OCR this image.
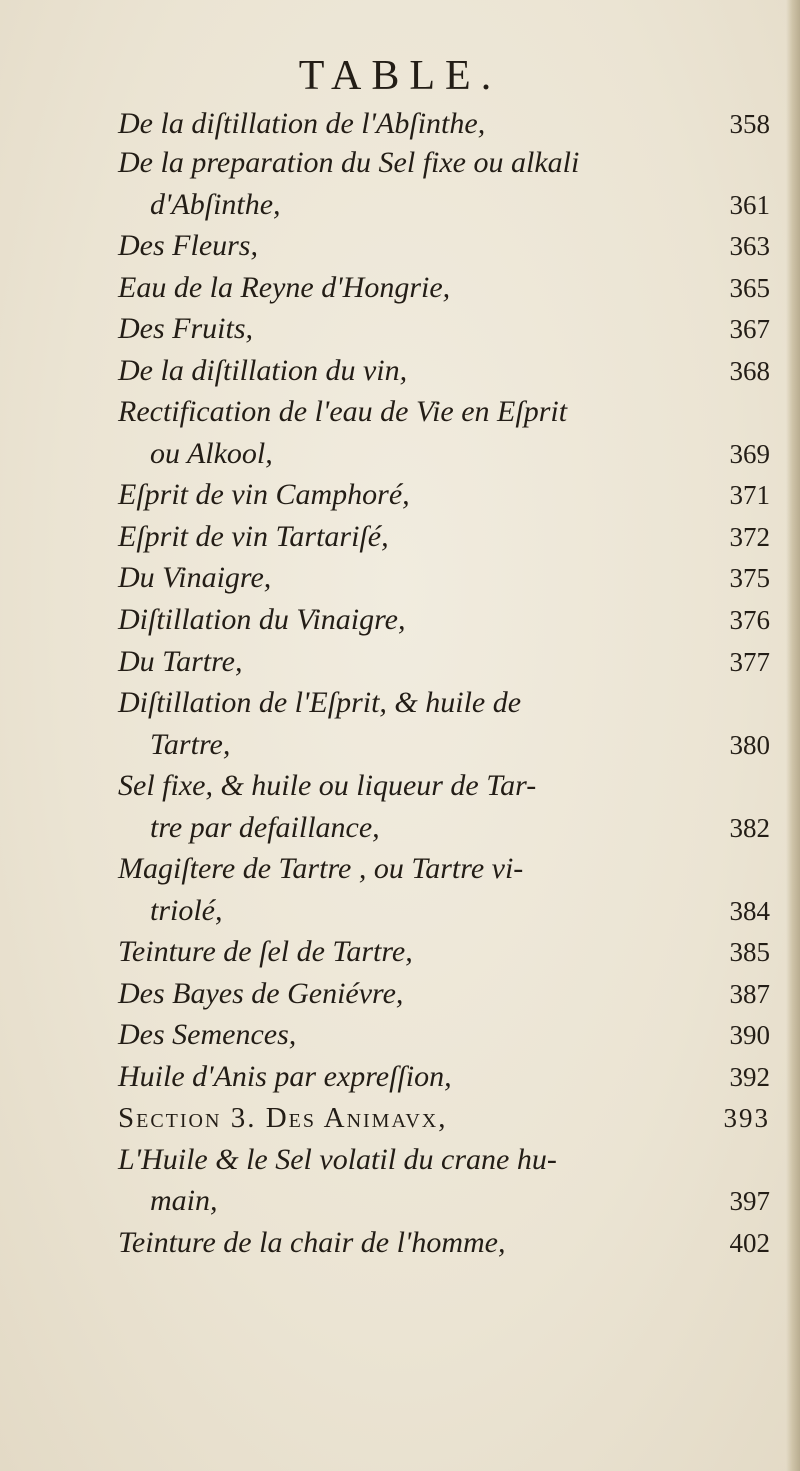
TABLE.
De la diſtillation de l'Abſinthe,	358
De la preparation du Sel fixe ou alkali
d'Abſinthe,	361
Des Fleurs,	363
Eau de la Reyne d'Hongrie,	365
Des Fruits,	367
De la diſtillation du vin,	368
Rectification de l'eau de Vie en Eſprit
ou Alkool,	369
Eſprit de vin Camphoré,	371
Eſprit de vin Tartariſé,	372
Du Vinaigre,	375
Diſtillation du Vinaigre,	376
Du Tartre,	377
Diſtillation de l'Eſprit, & huile de
Tartre,	380
Sel fixe, & huile ou liqueur de Tar-
tre par defaillance,	382
Magiſtere de Tartre , ou Tartre vi-
triolé,	384
Teinture de ſel de Tartre,	385
Des Bayes de Geniévre,	387
Des Semences,	390
Huile d'Anis par expreſſion,	392
Section 3. Des Animavx,	393
L'Huile & le Sel volatil du crane hu-
main,	397
Teinture de la chair de l'homme,	402
